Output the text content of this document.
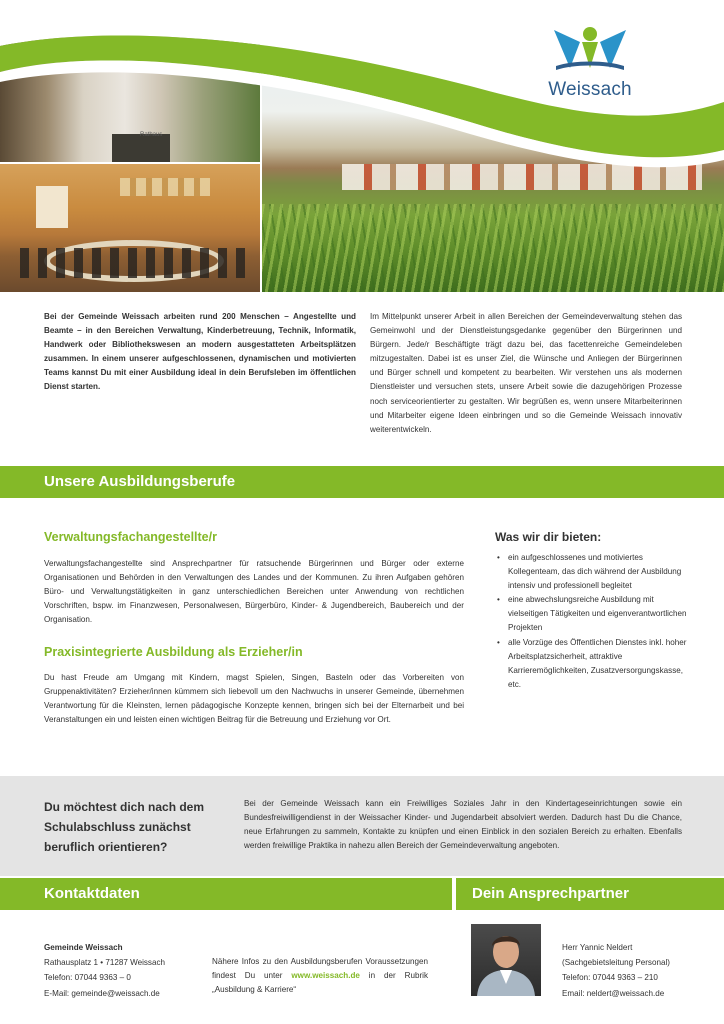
Rathaus
Weissach
Bei der Gemeinde Weissach arbeiten rund 200 Menschen – Angestellte und Beamte – in den Bereichen Verwaltung, Kinderbetreuung, Technik, Informatik, Handwerk oder Bibliothekswesen an modern ausgestatteten Arbeitsplätzen zusammen. In einem unserer aufgeschlossenen, dynamischen und motivierten Teams kannst Du mit einer Ausbildung ideal in dein Berufsleben im öffentlichen Dienst starten.
Im Mittelpunkt unserer Arbeit in allen Bereichen der Gemeindeverwaltung stehen das Gemeinwohl und der Dienstleistungsgedanke gegenüber den Bürgerinnen und Bürgern. Jede/r Beschäftigte trägt dazu bei, das facettenreiche Gemeindeleben mitzugestalten. Dabei ist es unser Ziel, die Wünsche und Anliegen der Bürgerinnen und Bürger schnell und kompetent zu bearbeiten. Wir verstehen uns als modernen Dienstleister und versuchen stets, unsere Arbeit sowie die dazugehörigen Prozesse noch serviceorientierter zu gestalten. Wir begrüßen es, wenn unsere Mitarbeiterinnen und Mitarbeiter eigene Ideen einbringen und so die Gemeinde Weissach innovativ weiterentwickeln.
Unsere Ausbildungsberufe
Verwaltungsfachangestellte/r
Verwaltungsfachangestellte sind Ansprechpartner für ratsuchende Bürgerinnen und Bürger oder externe Organisationen und Behörden in den Verwaltungen des Landes und der Kommunen. Zu ihren Aufgaben gehören Büro- und Verwaltungstätigkeiten in ganz unterschiedlichen Bereichen unter Anwendung von rechtlichen Vorschriften, bspw. im Finanzwesen, Personalwesen, Bürgerbüro, Kinder- & Jugendbereich, Baubereich und der Organisation.
Praxisintegrierte Ausbildung als Erzieher/in
Du hast Freude am Umgang mit Kindern, magst Spielen, Singen, Basteln oder das Vorbereiten von Gruppenaktivitäten? Erzieher/innen kümmern sich liebevoll um den Nachwuchs in unserer Gemeinde, übernehmen Verantwortung für die Kleinsten, lernen pädagogische Konzepte kennen, bringen sich bei der Elternarbeit und bei Veranstaltungen ein und leisten einen wichtigen Beitrag für die Betreuung und Erziehung vor Ort.
Was wir dir bieten:
• ein aufgeschlossenes und motiviertes Kollegenteam, das dich während der Ausbildung intensiv und professionell begleitet
• eine abwechslungsreiche Ausbildung mit vielseitigen Tätigkeiten und eigenverantwortlichen Projekten
• alle Vorzüge des Öffentlichen Dienstes inkl. hoher Arbeitsplatzsicherheit, attraktive Karrieremöglichkeiten, Zusatzversorgungskasse, etc.
Du möchtest dich nach dem Schulabschluss zunächst beruflich orientieren?
Bei der Gemeinde Weissach kann ein Freiwilliges Soziales Jahr in den Kindertageseinrichtungen sowie ein Bundesfreiwilligendienst in der Weissacher Kinder- und Jugendarbeit absolviert werden. Dadurch hast Du die Chance, neue Erfahrungen zu sammeln, Kontakte zu knüpfen und einen Einblick in den sozialen Bereich zu erhalten. Ebenfalls werden freiwillige Praktika in nahezu allen Bereich der Gemeindeverwaltung angeboten.
Kontaktdaten	Dein Ansprechpartner
Gemeinde Weissach
Rathausplatz 1 • 71287 Weissach
Telefon: 07044 9363 – 0
E-Mail: gemeinde@weissach.de
Nähere Infos zu den Ausbildungsberufen Voraussetzungen findest Du unter www.weissach.de in der Rubrik „Ausbildung & Karriere“
Herr Yannic Neldert
(Sachgebietsleitung Personal)
Telefon: 07044 9363 – 210
Email: neldert@weissach.de
